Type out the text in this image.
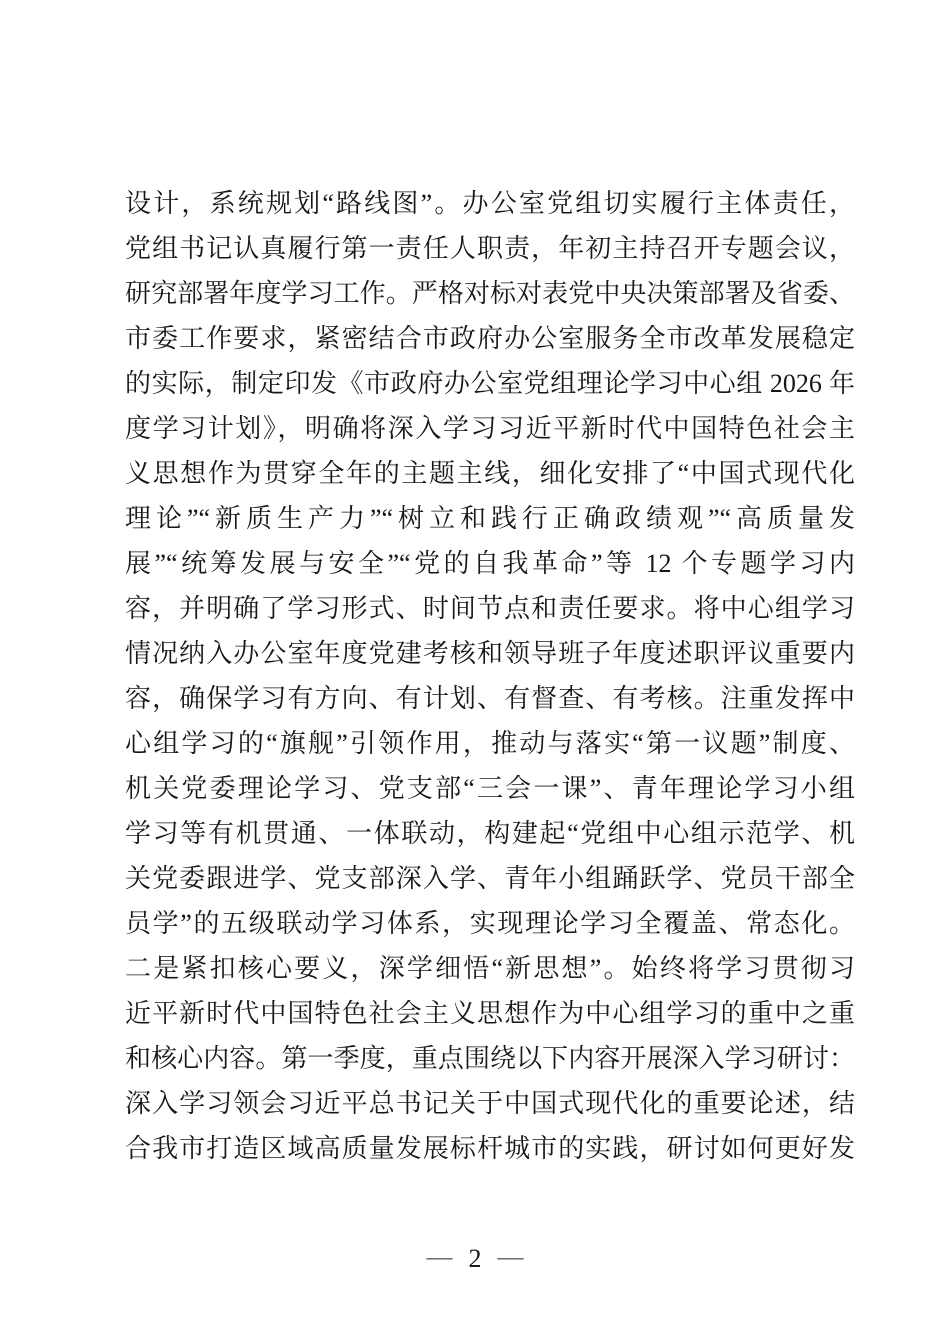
设计，系统规划“路线图”。办公室党组切实履行主体责任，
党组书记认真履行第一责任人职责，年初主持召开专题会议，
研究部署年度学习工作。严格对标对表党中央决策部署及省委、
市委工作要求，紧密结合市政府办公室服务全市改革发展稳定
的实际，制定印发《市政府办公室党组理论学习中心组 2026 年
度学习计划》，明确将深入学习习近平新时代中国特色社会主
义思想作为贯穿全年的主题主线，细化安排了“中国式现代化
理论”“新质生产力”“树立和践行正确政绩观”“高质量发
展”“统筹发展与安全”“党的自我革命”等 12 个专题学习内
容，并明确了学习形式、时间节点和责任要求。将中心组学习
情况纳入办公室年度党建考核和领导班子年度述职评议重要内
容，确保学习有方向、有计划、有督查、有考核。注重发挥中
心组学习的“旗舰”引领作用，推动与落实“第一议题”制度、
机关党委理论学习、党支部“三会一课”、青年理论学习小组
学习等有机贯通、一体联动，构建起“党组中心组示范学、机
关党委跟进学、党支部深入学、青年小组踊跃学、党员干部全
员学”的五级联动学习体系，实现理论学习全覆盖、常态化。
二是紧扣核心要义，深学细悟“新思想”。始终将学习贯彻习
近平新时代中国特色社会主义思想作为中心组学习的重中之重
和核心内容。第一季度，重点围绕以下内容开展深入学习研讨：
深入学习领会习近平总书记关于中国式现代化的重要论述，结
合我市打造区域高质量发展标杆城市的实践，研讨如何更好发
— 2 —
